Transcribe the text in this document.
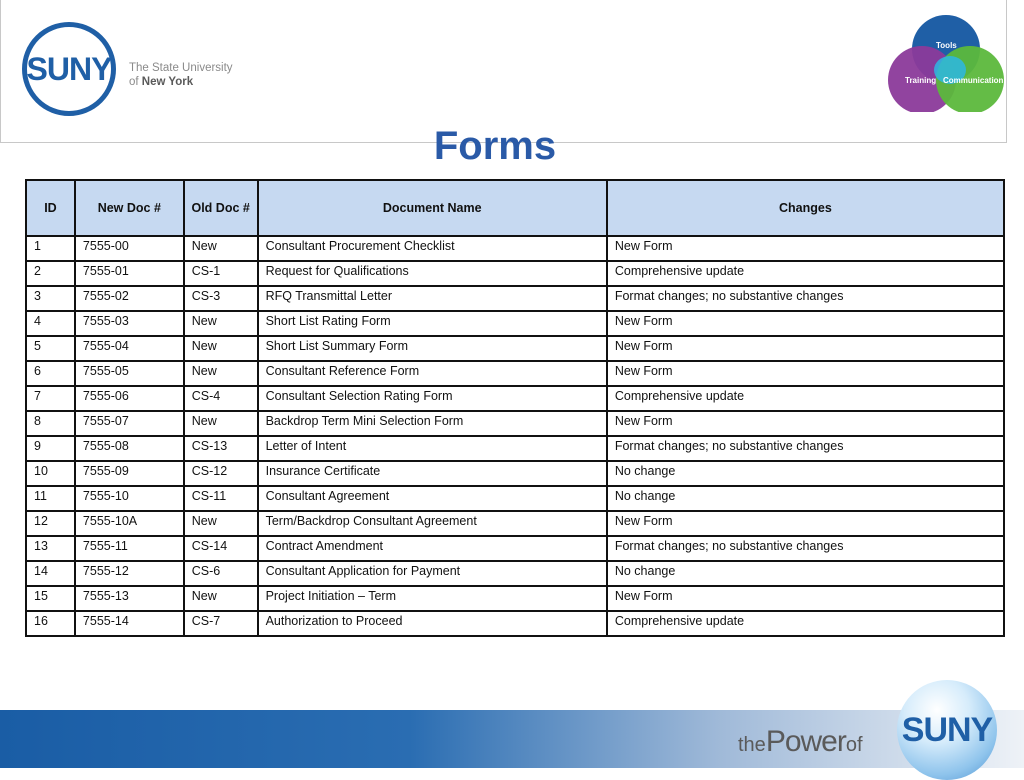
SUNY The State University
of New York
Tools
Training Communication
Forms
ID	New Doc #	Old Doc #	Document Name	Changes
1	7555-00	New	Consultant Procurement Checklist	New Form
2	7555-01	CS-1	Request for Qualifications	Comprehensive update
3	7555-02	CS-3	RFQ Transmittal Letter	Format changes; no substantive changes
4	7555-03	New	Short List Rating Form	New Form
5	7555-04	New	Short List Summary Form	New Form
6	7555-05	New	Consultant Reference Form	New Form
7	7555-06	CS-4	Consultant Selection Rating Form	Comprehensive update
8	7555-07	New	Backdrop Term Mini Selection Form	New Form
9	7555-08	CS-13	Letter of Intent	Format changes; no substantive changes
10	7555-09	CS-12	Insurance Certificate	No change
11	7555-10	CS-11	Consultant Agreement	No change
12	7555-10A	New	Term/Backdrop Consultant Agreement	New Form
13	7555-11	CS-14	Contract Amendment	Format changes; no substantive changes
14	7555-12	CS-6	Consultant Application for Payment	No change
15	7555-13	New	Project Initiation – Term	New Form
16	7555-14	CS-7	Authorization to Proceed	Comprehensive update
thePowerof SUNY
